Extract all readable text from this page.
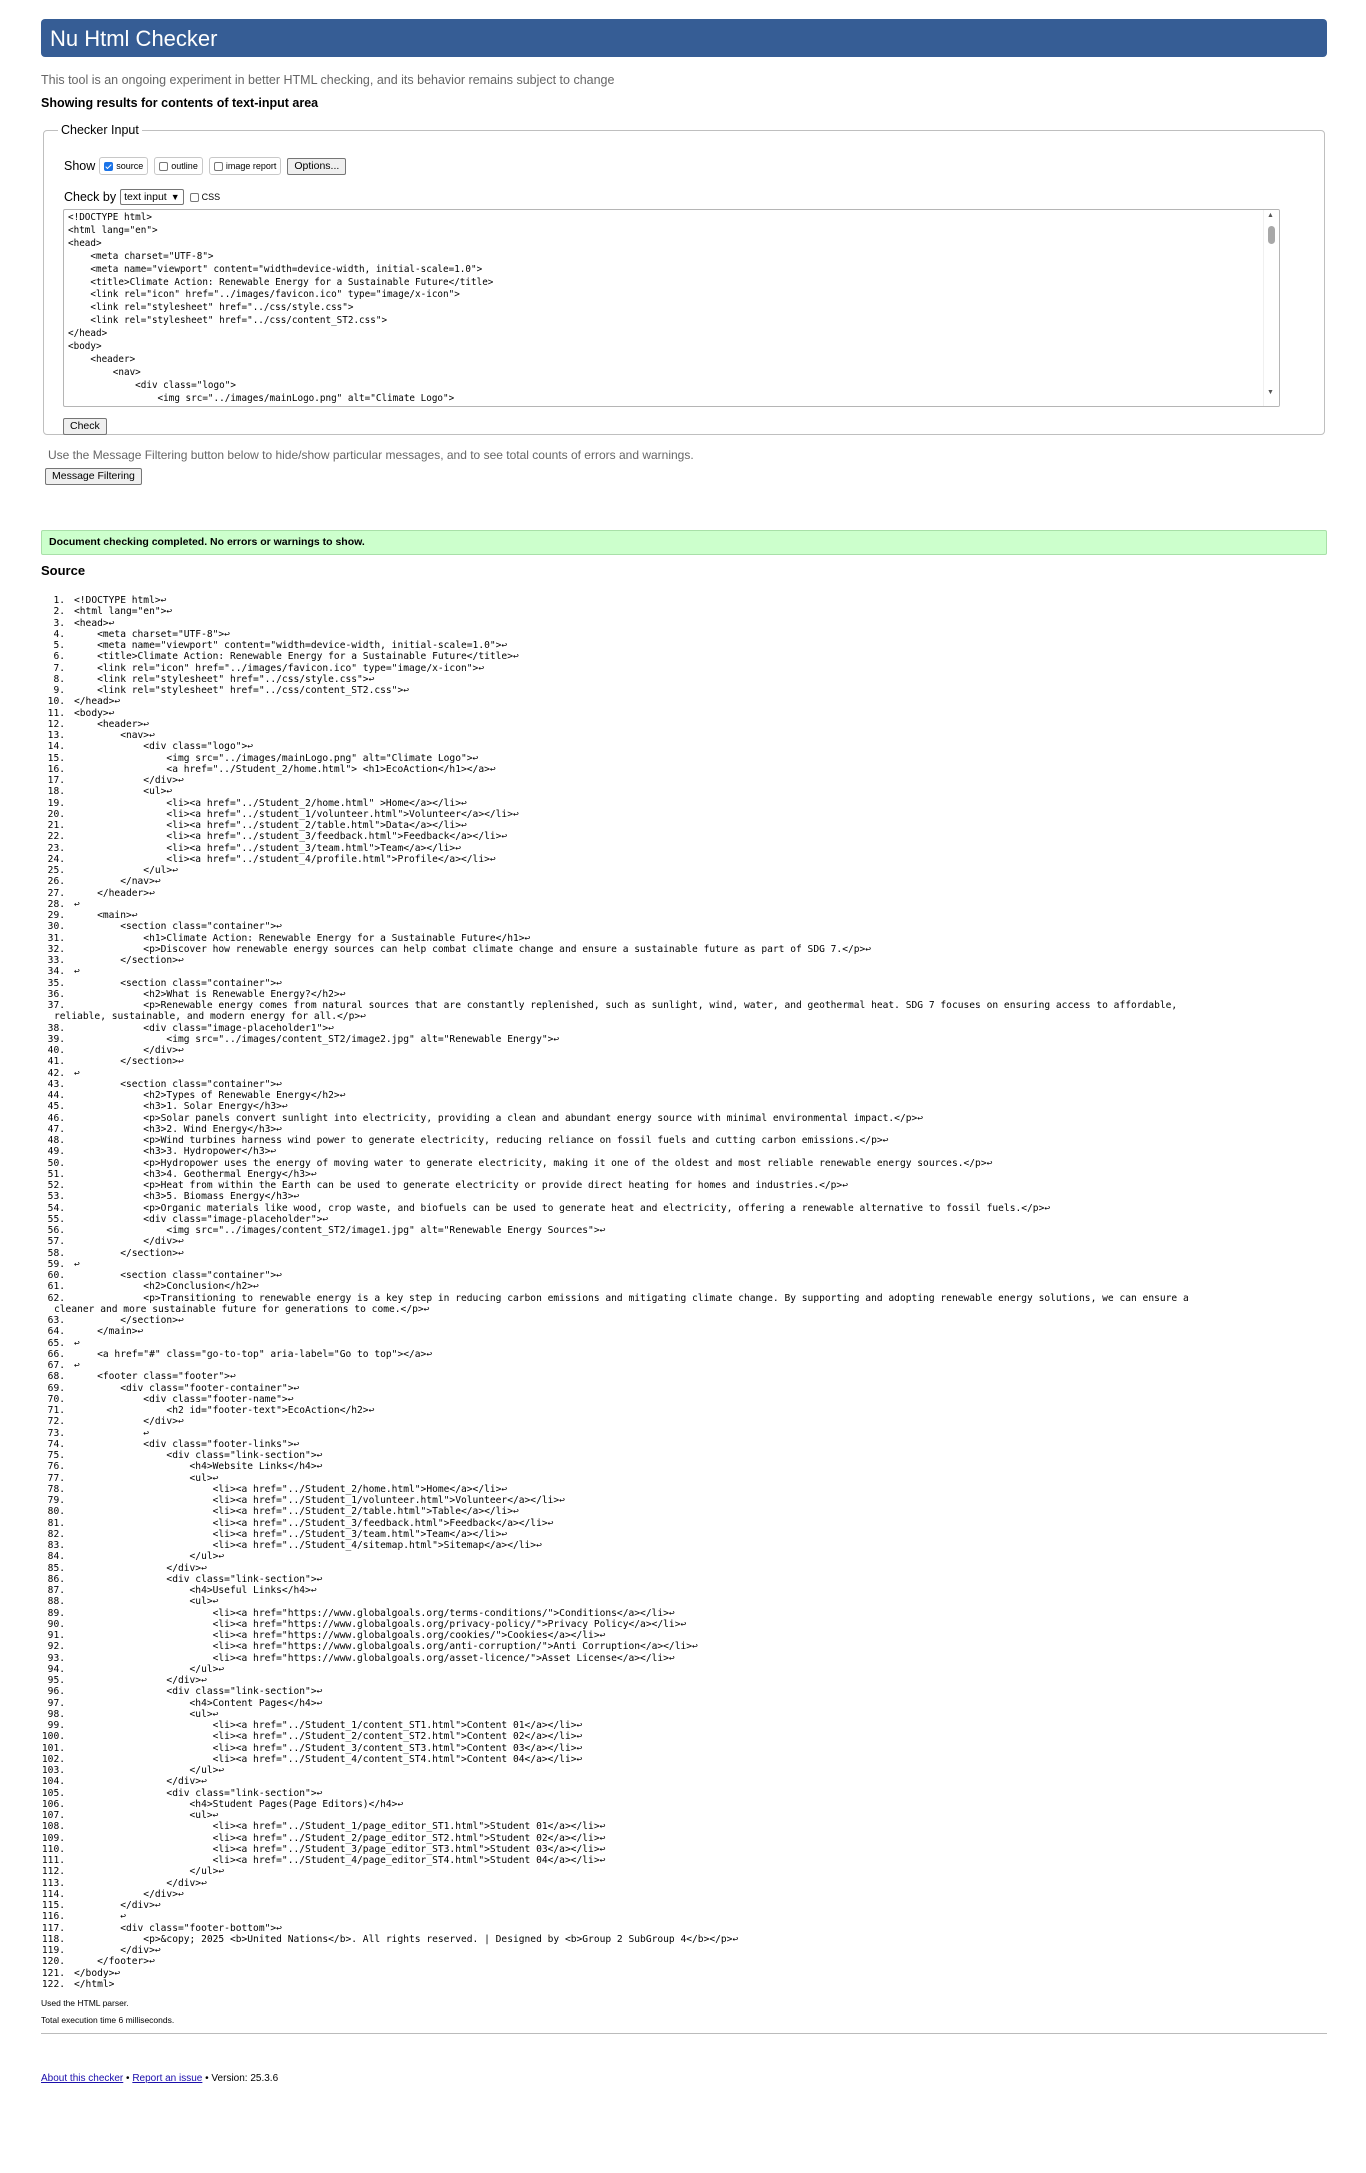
Nu Html Checker
This tool is an ongoing experiment in better HTML checking, and its behavior remains subject to change
Showing results for contents of text-input area
Checker Input
Show source	outline	image report	Options...
Check by text input ▼ CSS
<!DOCTYPE html>
<html lang="en">
<head>
<meta charset="UTF-8">
<meta name="viewport" content="width=device-width, initial-scale=1.0">
<title>Climate Action: Renewable Energy for a Sustainable Future</title>
<link rel="icon" href="../images/favicon.ico" type="image/x-icon">
<link rel="stylesheet" href="../css/style.css">
<link rel="stylesheet" href="../css/content_ST2.css">
</head>
<body>
<header>
<nav>
<div class="logo">
<img src="../images/mainLogo.png" alt="Climate Logo">
▲
▼
Check
Use the Message Filtering button below to hide/show particular messages, and to see total counts of errors and warnings.
Message Filtering
Document checking completed. No errors or warnings to show.
Source
1. <!DOCTYPE html>↩
2. <html lang="en">↩
3. <head>↩
4. <meta charset="UTF-8">↩
5. <meta name="viewport" content="width=device-width, initial-scale=1.0">↩
6. <title>Climate Action: Renewable Energy for a Sustainable Future</title>↩
7. <link rel="icon" href="../images/favicon.ico" type="image/x-icon">↩
8. <link rel="stylesheet" href="../css/style.css">↩
9. <link rel="stylesheet" href="../css/content_ST2.css">↩
10. </head>↩
11. <body>↩
12. <header>↩
13. <nav>↩
14. <div class="logo">↩
15. <img src="../images/mainLogo.png" alt="Climate Logo">↩
16. <a href="../Student_2/home.html"> <h1>EcoAction</h1></a>↩
17. </div>↩
18. <ul>↩
19. <li><a href="../Student_2/home.html" >Home</a></li>↩
20. <li><a href="../student_1/volunteer.html">Volunteer</a></li>↩
21. <li><a href="../student_2/table.html">Data</a></li>↩
22. <li><a href="../student_3/feedback.html">Feedback</a></li>↩
23. <li><a href="../student_3/team.html">Team</a></li>↩
24. <li><a href="../student_4/profile.html">Profile</a></li>↩
25. </ul>↩
26. </nav>↩
27. </header>↩
28. ↩
29. <main>↩
30. <section class="container">↩
31. <h1>Climate Action: Renewable Energy for a Sustainable Future</h1>↩
32. <p>Discover how renewable energy sources can help combat climate change and ensure a sustainable future as part of SDG 7.</p>↩
33. </section>↩
34. ↩
35. <section class="container">↩
36. <h2>What is Renewable Energy?</h2>↩
37. <p>Renewable energy comes from natural sources that are constantly replenished, such as sunlight, wind, water, and geothermal heat. SDG 7 focuses on ensuring access to affordable,
reliable, sustainable, and modern energy for all.</p>↩
38. <div class="image-placeholder1">↩
39. <img src="../images/content_ST2/image2.jpg" alt="Renewable Energy">↩
40. </div>↩
41. </section>↩
42. ↩
43. <section class="container">↩
44. <h2>Types of Renewable Energy</h2>↩
45. <h3>1. Solar Energy</h3>↩
46. <p>Solar panels convert sunlight into electricity, providing a clean and abundant energy source with minimal environmental impact.</p>↩
47. <h3>2. Wind Energy</h3>↩
48. <p>Wind turbines harness wind power to generate electricity, reducing reliance on fossil fuels and cutting carbon emissions.</p>↩
49. <h3>3. Hydropower</h3>↩
50. <p>Hydropower uses the energy of moving water to generate electricity, making it one of the oldest and most reliable renewable energy sources.</p>↩
51. <h3>4. Geothermal Energy</h3>↩
52. <p>Heat from within the Earth can be used to generate electricity or provide direct heating for homes and industries.</p>↩
53. <h3>5. Biomass Energy</h3>↩
54. <p>Organic materials like wood, crop waste, and biofuels can be used to generate heat and electricity, offering a renewable alternative to fossil fuels.</p>↩
55. <div class="image-placeholder">↩
56. <img src="../images/content_ST2/image1.jpg" alt="Renewable Energy Sources">↩
57. </div>↩
58. </section>↩
59. ↩
60. <section class="container">↩
61. <h2>Conclusion</h2>↩
62. <p>Transitioning to renewable energy is a key step in reducing carbon emissions and mitigating climate change. By supporting and adopting renewable energy solutions, we can ensure a
cleaner and more sustainable future for generations to come.</p>↩
63. </section>↩
64. </main>↩
65. ↩
66. <a href="#" class="go-to-top" aria-label="Go to top"></a>↩
67. ↩
68. <footer class="footer">↩
69. <div class="footer-container">↩
70. <div class="footer-name">↩
71. <h2 id="footer-text">EcoAction</h2>↩
72. </div>↩
73. ↩
74. <div class="footer-links">↩
75. <div class="link-section">↩
76. <h4>Website Links</h4>↩
77. <ul>↩
78. <li><a href="../Student_2/home.html">Home</a></li>↩
79. <li><a href="../Student_1/volunteer.html">Volunteer</a></li>↩
80. <li><a href="../Student_2/table.html">Table</a></li>↩
81. <li><a href="../Student_3/feedback.html">Feedback</a></li>↩
82. <li><a href="../Student_3/team.html">Team</a></li>↩
83. <li><a href="../Student_4/sitemap.html">Sitemap</a></li>↩
84. </ul>↩
85. </div>↩
86. <div class="link-section">↩
87. <h4>Useful Links</h4>↩
88. <ul>↩
89. <li><a href="https://www.globalgoals.org/terms-conditions/">Conditions</a></li>↩
90. <li><a href="https://www.globalgoals.org/privacy-policy/">Privacy Policy</a></li>↩
91. <li><a href="https://www.globalgoals.org/cookies/">Cookies</a></li>↩
92. <li><a href="https://www.globalgoals.org/anti-corruption/">Anti Corruption</a></li>↩
93. <li><a href="https://www.globalgoals.org/asset-licence/">Asset License</a></li>↩
94. </ul>↩
95. </div>↩
96. <div class="link-section">↩
97. <h4>Content Pages</h4>↩
98. <ul>↩
99. <li><a href="../Student_1/content_ST1.html">Content 01</a></li>↩
100. <li><a href="../Student_2/content_ST2.html">Content 02</a></li>↩
101. <li><a href="../Student_3/content_ST3.html">Content 03</a></li>↩
102. <li><a href="../Student_4/content_ST4.html">Content 04</a></li>↩
103. </ul>↩
104. </div>↩
105. <div class="link-section">↩
106. <h4>Student Pages(Page Editors)</h4>↩
107. <ul>↩
108. <li><a href="../Student_1/page_editor_ST1.html">Student 01</a></li>↩
109. <li><a href="../Student_2/page_editor_ST2.html">Student 02</a></li>↩
110. <li><a href="../Student_3/page_editor_ST3.html">Student 03</a></li>↩
111. <li><a href="../Student_4/page_editor_ST4.html">Student 04</a></li>↩
112. </ul>↩
113. </div>↩
114. </div>↩
115. </div>↩
116. ↩
117. <div class="footer-bottom">↩
118. <p>&copy; 2025 <b>United Nations</b>. All rights reserved. | Designed by <b>Group 2 SubGroup 4</b></p>↩
119. </div>↩
120. </footer>↩
121. </body>↩
122. </html>
Used the HTML parser.
Total execution time 6 milliseconds.
About this checker • Report an issue • Version: 25.3.6
